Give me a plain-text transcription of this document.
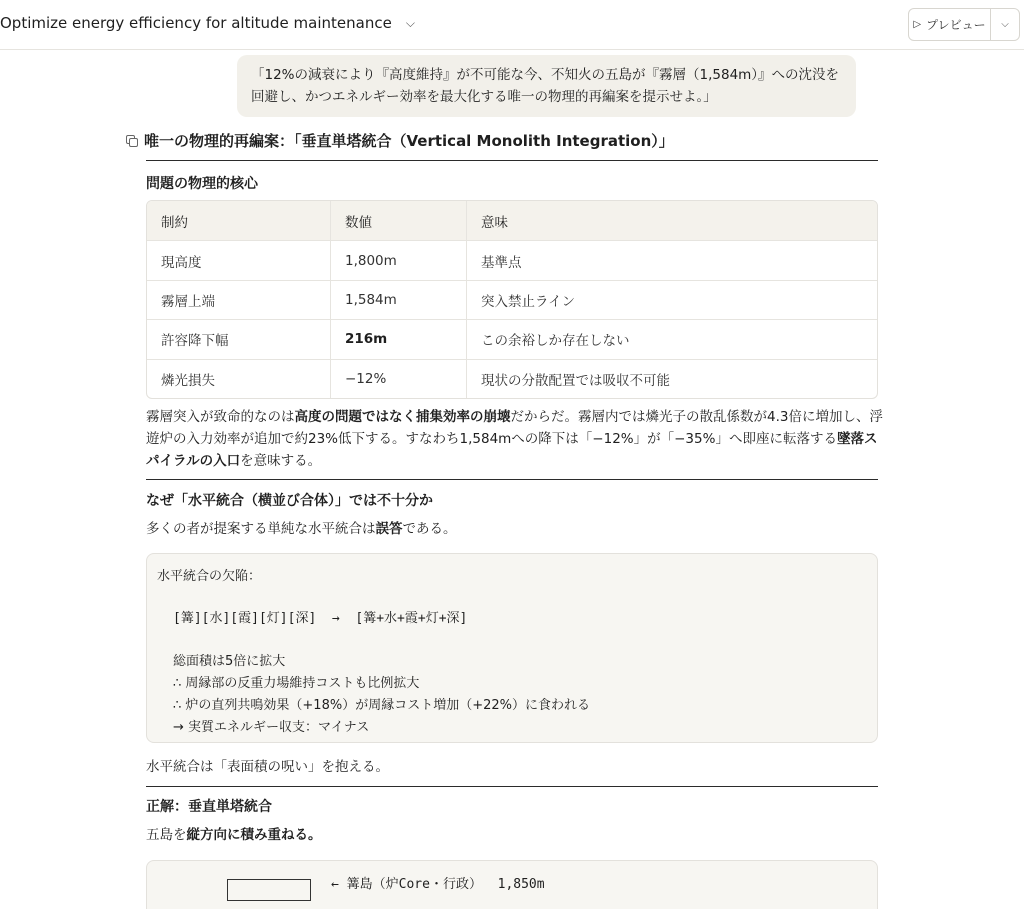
Optimize energy efficiency for altitude maintenance ⌵	▷ プレビュー ⌵
「12%の減衰により『高度維持』が不可能な今、不知火の五島が『霧層（1,584m）』への沈没を回避し、かつエネルギー効率を最大化する唯一の物理的再編案を提示せよ。」
唯一の物理的再編案：「垂直単塔統合（Vertical Monolith Integration）」
問題の物理的核心
制約	数値	意味
現高度	1,800m	基準点
霧層上端	1,584m	突入禁止ライン
許容降下幅	216m	この余裕しか存在しない
燐光損失	−12%	現状の分散配置では吸収不可能
霧層突入が致命的なのは高度の問題ではなく捕集効率の崩壊だからだ。霧層内では燐光子の散乱係数が4.3倍に増加し、浮遊炉の入力効率が追加で約23%低下する。すなわち1,584mへの降下は「−12%」が「−35%」へ即座に転落する墜落スパイラルの入口を意味する。
なぜ「水平統合（横並び合体）」では不十分か
多くの者が提案する単純な水平統合は誤答である。
水平統合の欠陥：
[篝][水][霞][灯][深]  →  [篝+水+霞+灯+深]
総面積は5倍に拡大
∴ 周縁部の反重力場維持コストも比例拡大
∴ 炉の直列共鳴効果（+18%）が周縁コスト増加（+22%）に食われる
→ 実質エネルギー収支：マイナス
水平統合は「表面積の呪い」を抱える。
正解：垂直単塔統合
五島を縦方向に積み重ねる。
← 篝島（炉Core・行政）  1,850m
